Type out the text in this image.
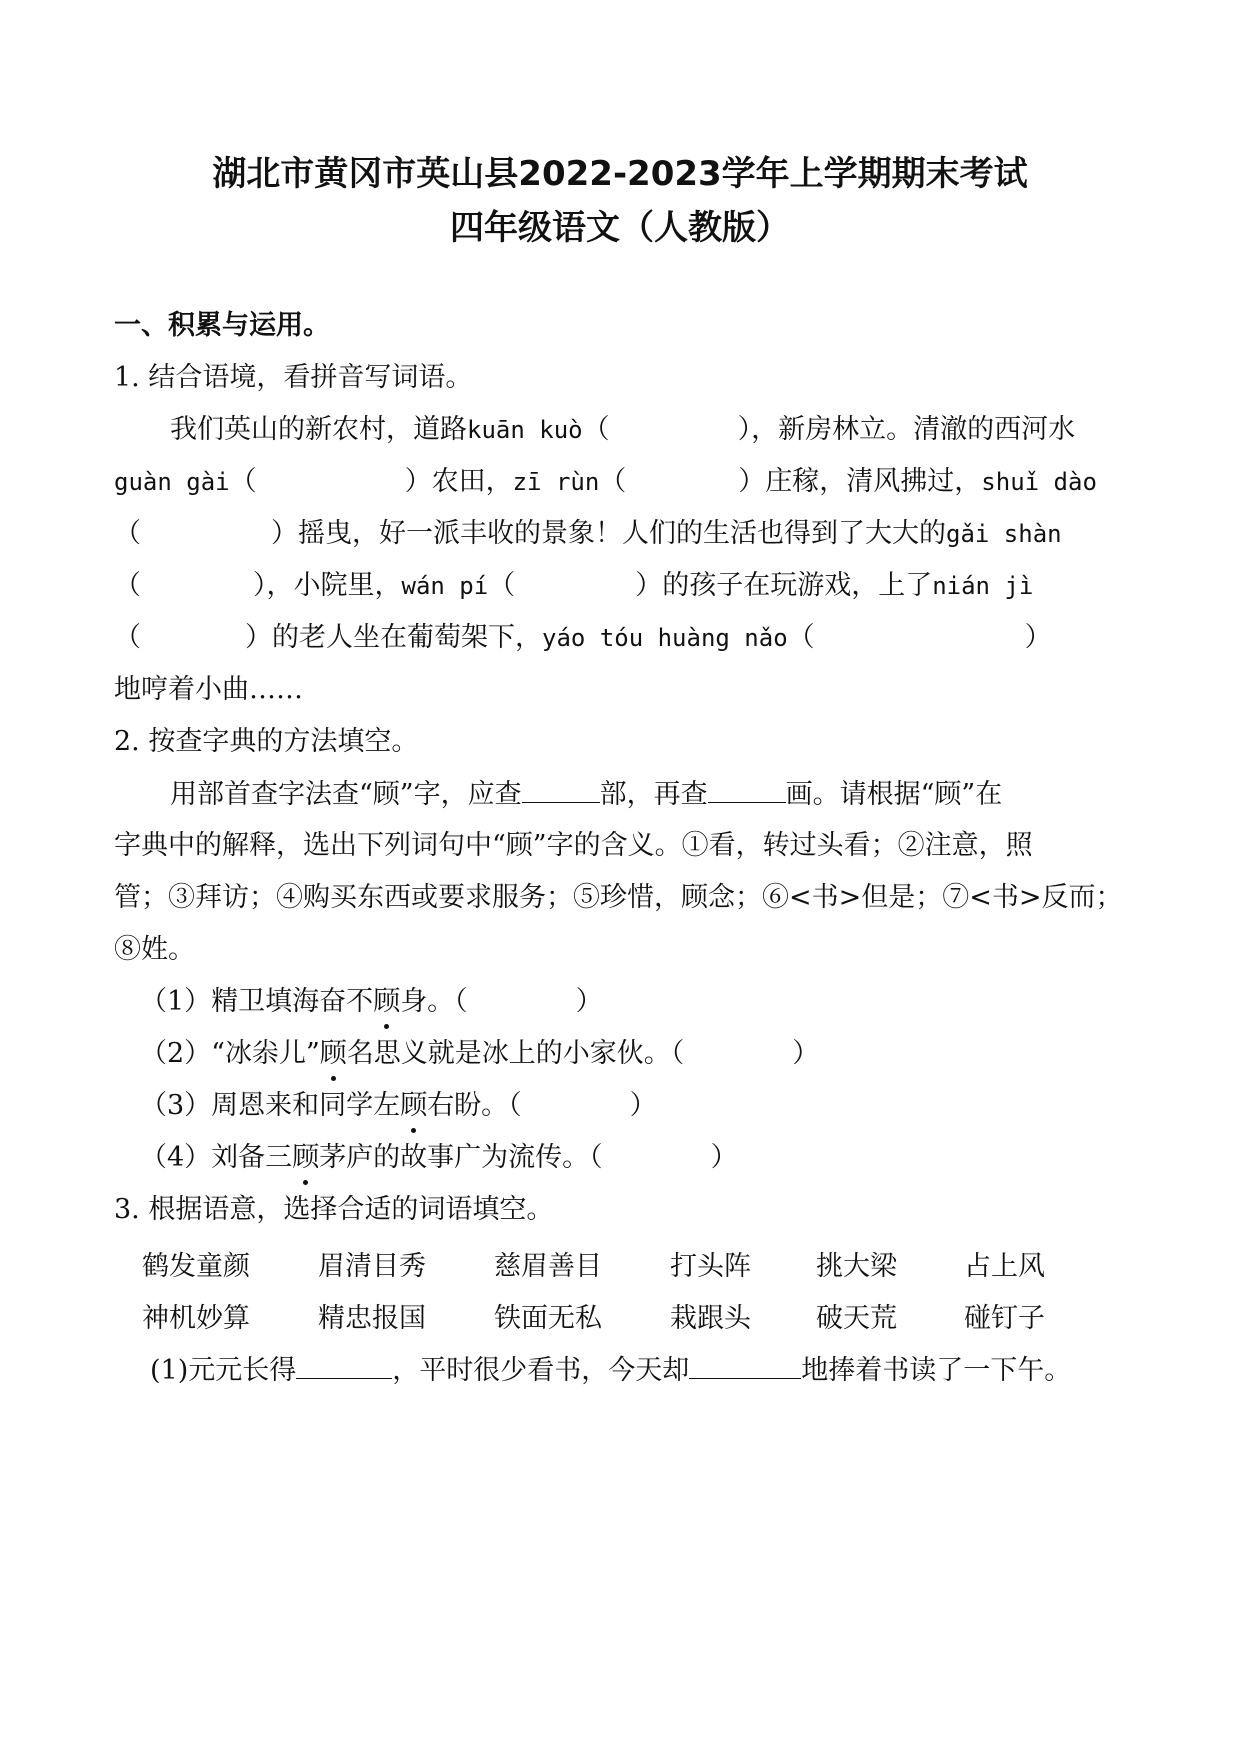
湖北市黄冈市英山县2022-2023学年上学期期末考试
四年级语文（人教版）
一、积累与运用。
1. 结合语境，看拼音写词语。
我们英山的新农村，道路kuān kuò（	），新房林立。清澈的西河水
guàn gài（	）农田，zī rùn（	）庄稼，清风拂过，shuǐ dào
（	）摇曳，好一派丰收的景象！人们的生活也得到了大大的gǎi shàn
（	），小院里，wán pí（	）的孩子在玩游戏，上了nián jì
（	）的老人坐在葡萄架下，yáo tóu huàng nǎo（	）
地哼着小曲……
2. 按查字典的方法填空。
用部首查字法查“顾”字，应查	部，再查	画。请根据“顾”在
字典中的解释，选出下列词句中“顾”字的含义。①看，转过头看；②注意，照
管；③拜访；④购买东西或要求服务；⑤珍惜，顾念；⑥<书>但是；⑦<书>反而；
⑧姓。
（1）精卫填海奋不顾身。（　　　　）
（2）“冰尜儿”顾名思义就是冰上的小家伙。（　　　　）
（3）周恩来和同学左顾右盼。（　　　　）
（4）刘备三顾茅庐的故事广为流传。（　　　　）
3. 根据语意，选择合适的词语填空。
鹤发童颜	眉清目秀	慈眉善目	打头阵 挑大梁 占上风
神机妙算	精忠报国	铁面无私	栽跟头 破天荒 碰钉子
(1)元元长得	，平时很少看书，今天却	地捧着书读了一下午。
